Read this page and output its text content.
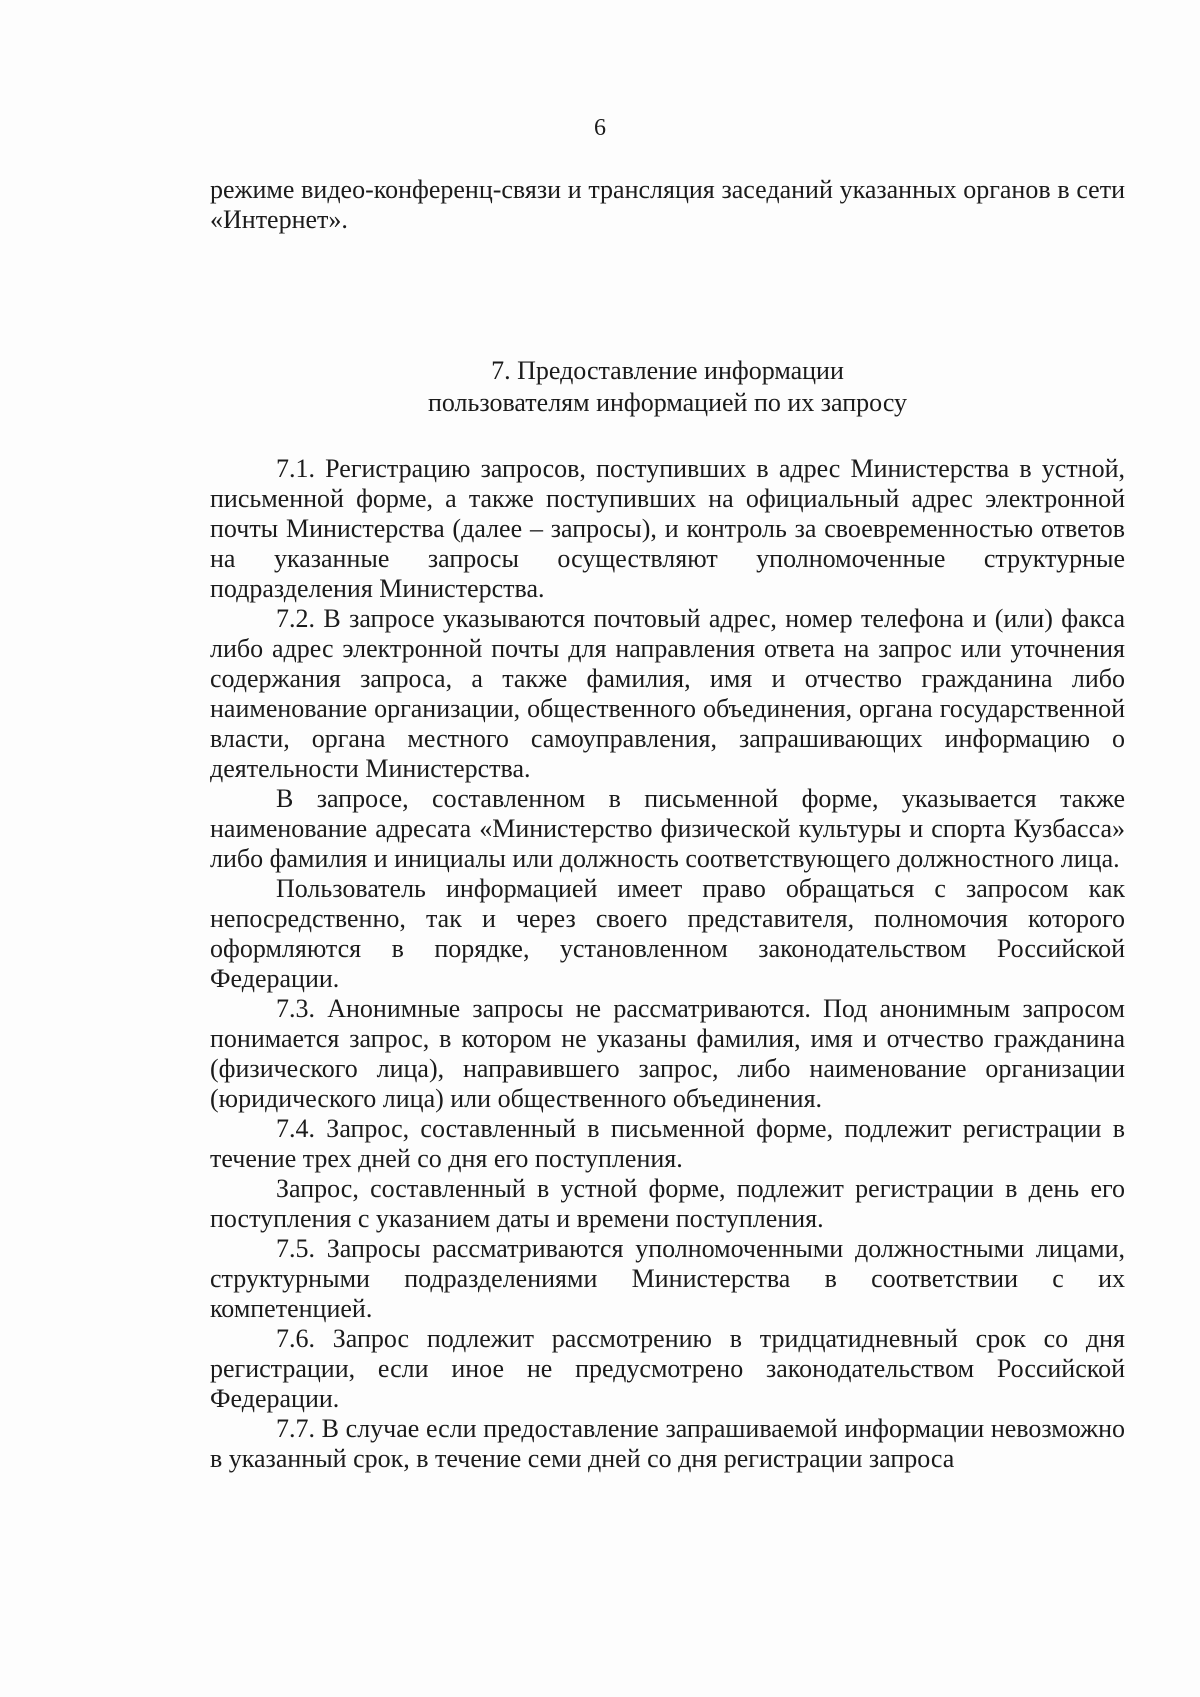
6

режиме видео-конференц-связи и трансляция заседаний указанных органов в сети «Интернет».

7. Предоставление информации
пользователям информацией по их запросу

7.1. Регистрацию запросов, поступивших в адрес Министерства в устной, письменной форме, а также поступивших на официальный адрес электронной почты Министерства (далее – запросы), и контроль за своевременностью ответов на указанные запросы осуществляют уполномоченные структурные подразделения Министерства.

7.2. В запросе указываются почтовый адрес, номер телефона и (или) факса либо адрес электронной почты для направления ответа на запрос или уточнения содержания запроса, а также фамилия, имя и отчество гражданина либо наименование организации, общественного объединения, органа государственной власти, органа местного самоуправления, запрашивающих информацию о деятельности Министерства.

В запросе, составленном в письменной форме, указывается также наименование адресата «Министерство физической культуры и спорта Кузбасса» либо фамилия и инициалы или должность соответствующего должностного лица.

Пользователь информацией имеет право обращаться с запросом как непосредственно, так и через своего представителя, полномочия которого оформляются в порядке, установленном законодательством Российской Федерации.

7.3. Анонимные запросы не рассматриваются. Под анонимным запросом понимается запрос, в котором не указаны фамилия, имя и отчество гражданина (физического лица), направившего запрос, либо наименование организации (юридического лица) или общественного объединения.

7.4. Запрос, составленный в письменной форме, подлежит регистрации в течение трех дней со дня его поступления.

Запрос, составленный в устной форме, подлежит регистрации в день его поступления с указанием даты и времени поступления.

7.5. Запросы рассматриваются уполномоченными должностными лицами, структурными подразделениями Министерства в соответствии с их компетенцией.

7.6. Запрос подлежит рассмотрению в тридцатидневный срок со дня регистрации, если иное не предусмотрено законодательством Российской Федерации.

7.7. В случае если предоставление запрашиваемой информации невозможно в указанный срок, в течение семи дней со дня регистрации запроса
